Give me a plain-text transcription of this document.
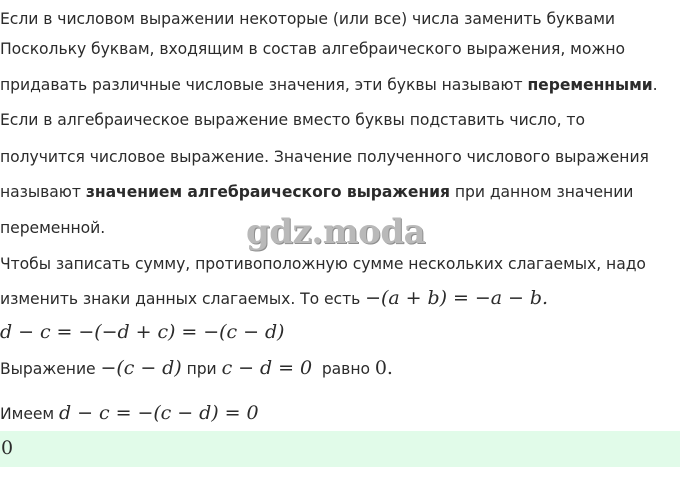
Если в числовом выражении некоторые (или все) числа заменить буквами
Поскольку буквам, входящим в состав алгебраического выражения, можно
придавать различные числовые значения, эти буквы называют переменными.
Если в алгебраическое выражение вместо буквы подставить число, то
получится числовое выражение. Значение полученного числового выражения
называют значением алгебраического выражения при данном значении
переменной.	gdz.moda
Чтобы записать сумму, противоположную сумме нескольких слагаемых, надо
изменить знаки данных слагаемых. То есть −(a + b) = −a − b.
d − c = −(−d + c) = −(c − d)
Выражение −(c − d) при c − d = 0  равно 0.
Имеем d − c = −(c − d) = 0
0
